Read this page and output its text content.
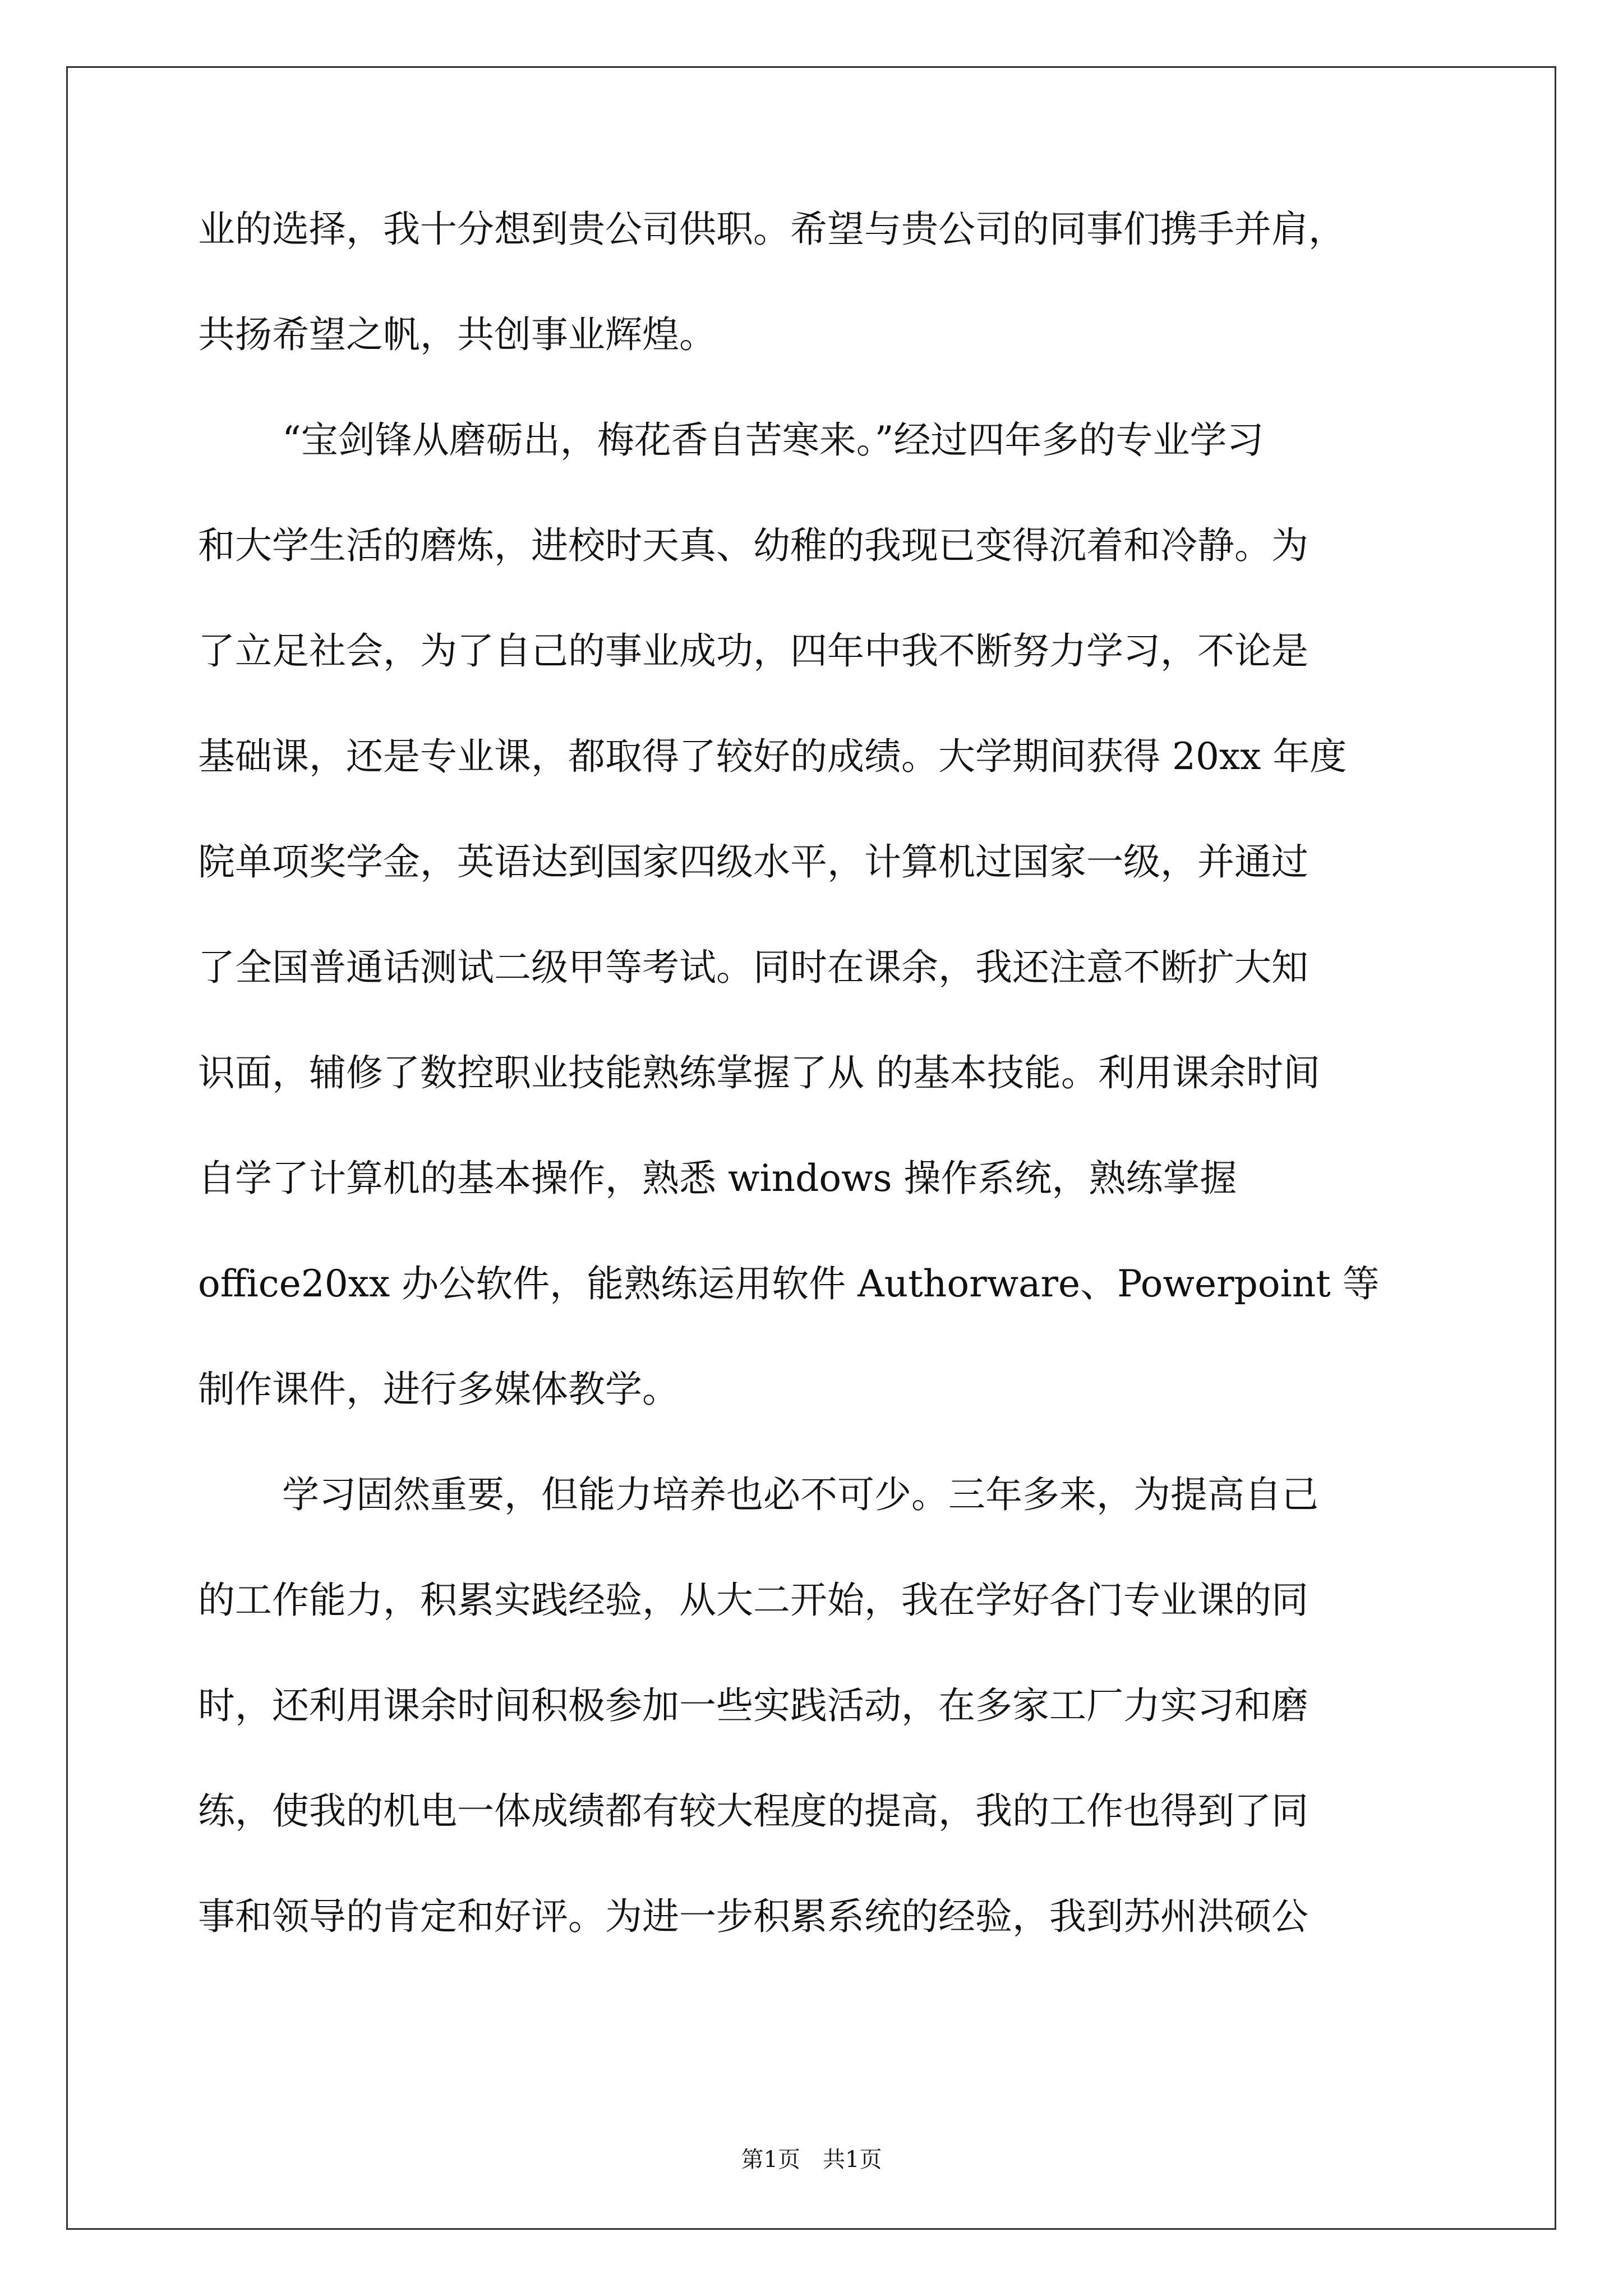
业的选择，我十分想到贵公司供职。希望与贵公司的同事们携手并肩，
共扬希望之帆，共创事业辉煌。
“宝剑锋从磨砺出，梅花香自苦寒来。”经过四年多的专业学习
和大学生活的磨炼，进校时天真、幼稚的我现已变得沉着和冷静。为
了立足社会，为了自己的事业成功，四年中我不断努力学习，不论是
基础课，还是专业课，都取得了较好的成绩。大学期间获得 20xx 年度
院单项奖学金，英语达到国家四级水平，计算机过国家一级，并通过
了全国普通话测试二级甲等考试。同时在课余，我还注意不断扩大知
识面，辅修了数控职业技能熟练掌握了从 的基本技能。利用课余时间
自学了计算机的基本操作，熟悉 windows 操作系统，熟练掌握
office20xx 办公软件，能熟练运用软件 Authorware、Powerpoint 等
制作课件，进行多媒体教学。
学习固然重要，但能力培养也必不可少。三年多来，为提高自己
的工作能力，积累实践经验，从大二开始，我在学好各门专业课的同
时，还利用课余时间积极参加一些实践活动，在多家工厂力实习和磨
练，使我的机电一体成绩都有较大程度的提高，我的工作也得到了同
事和领导的肯定和好评。为进一步积累系统的经验，我到苏州洪硕公
第1页 共1页
